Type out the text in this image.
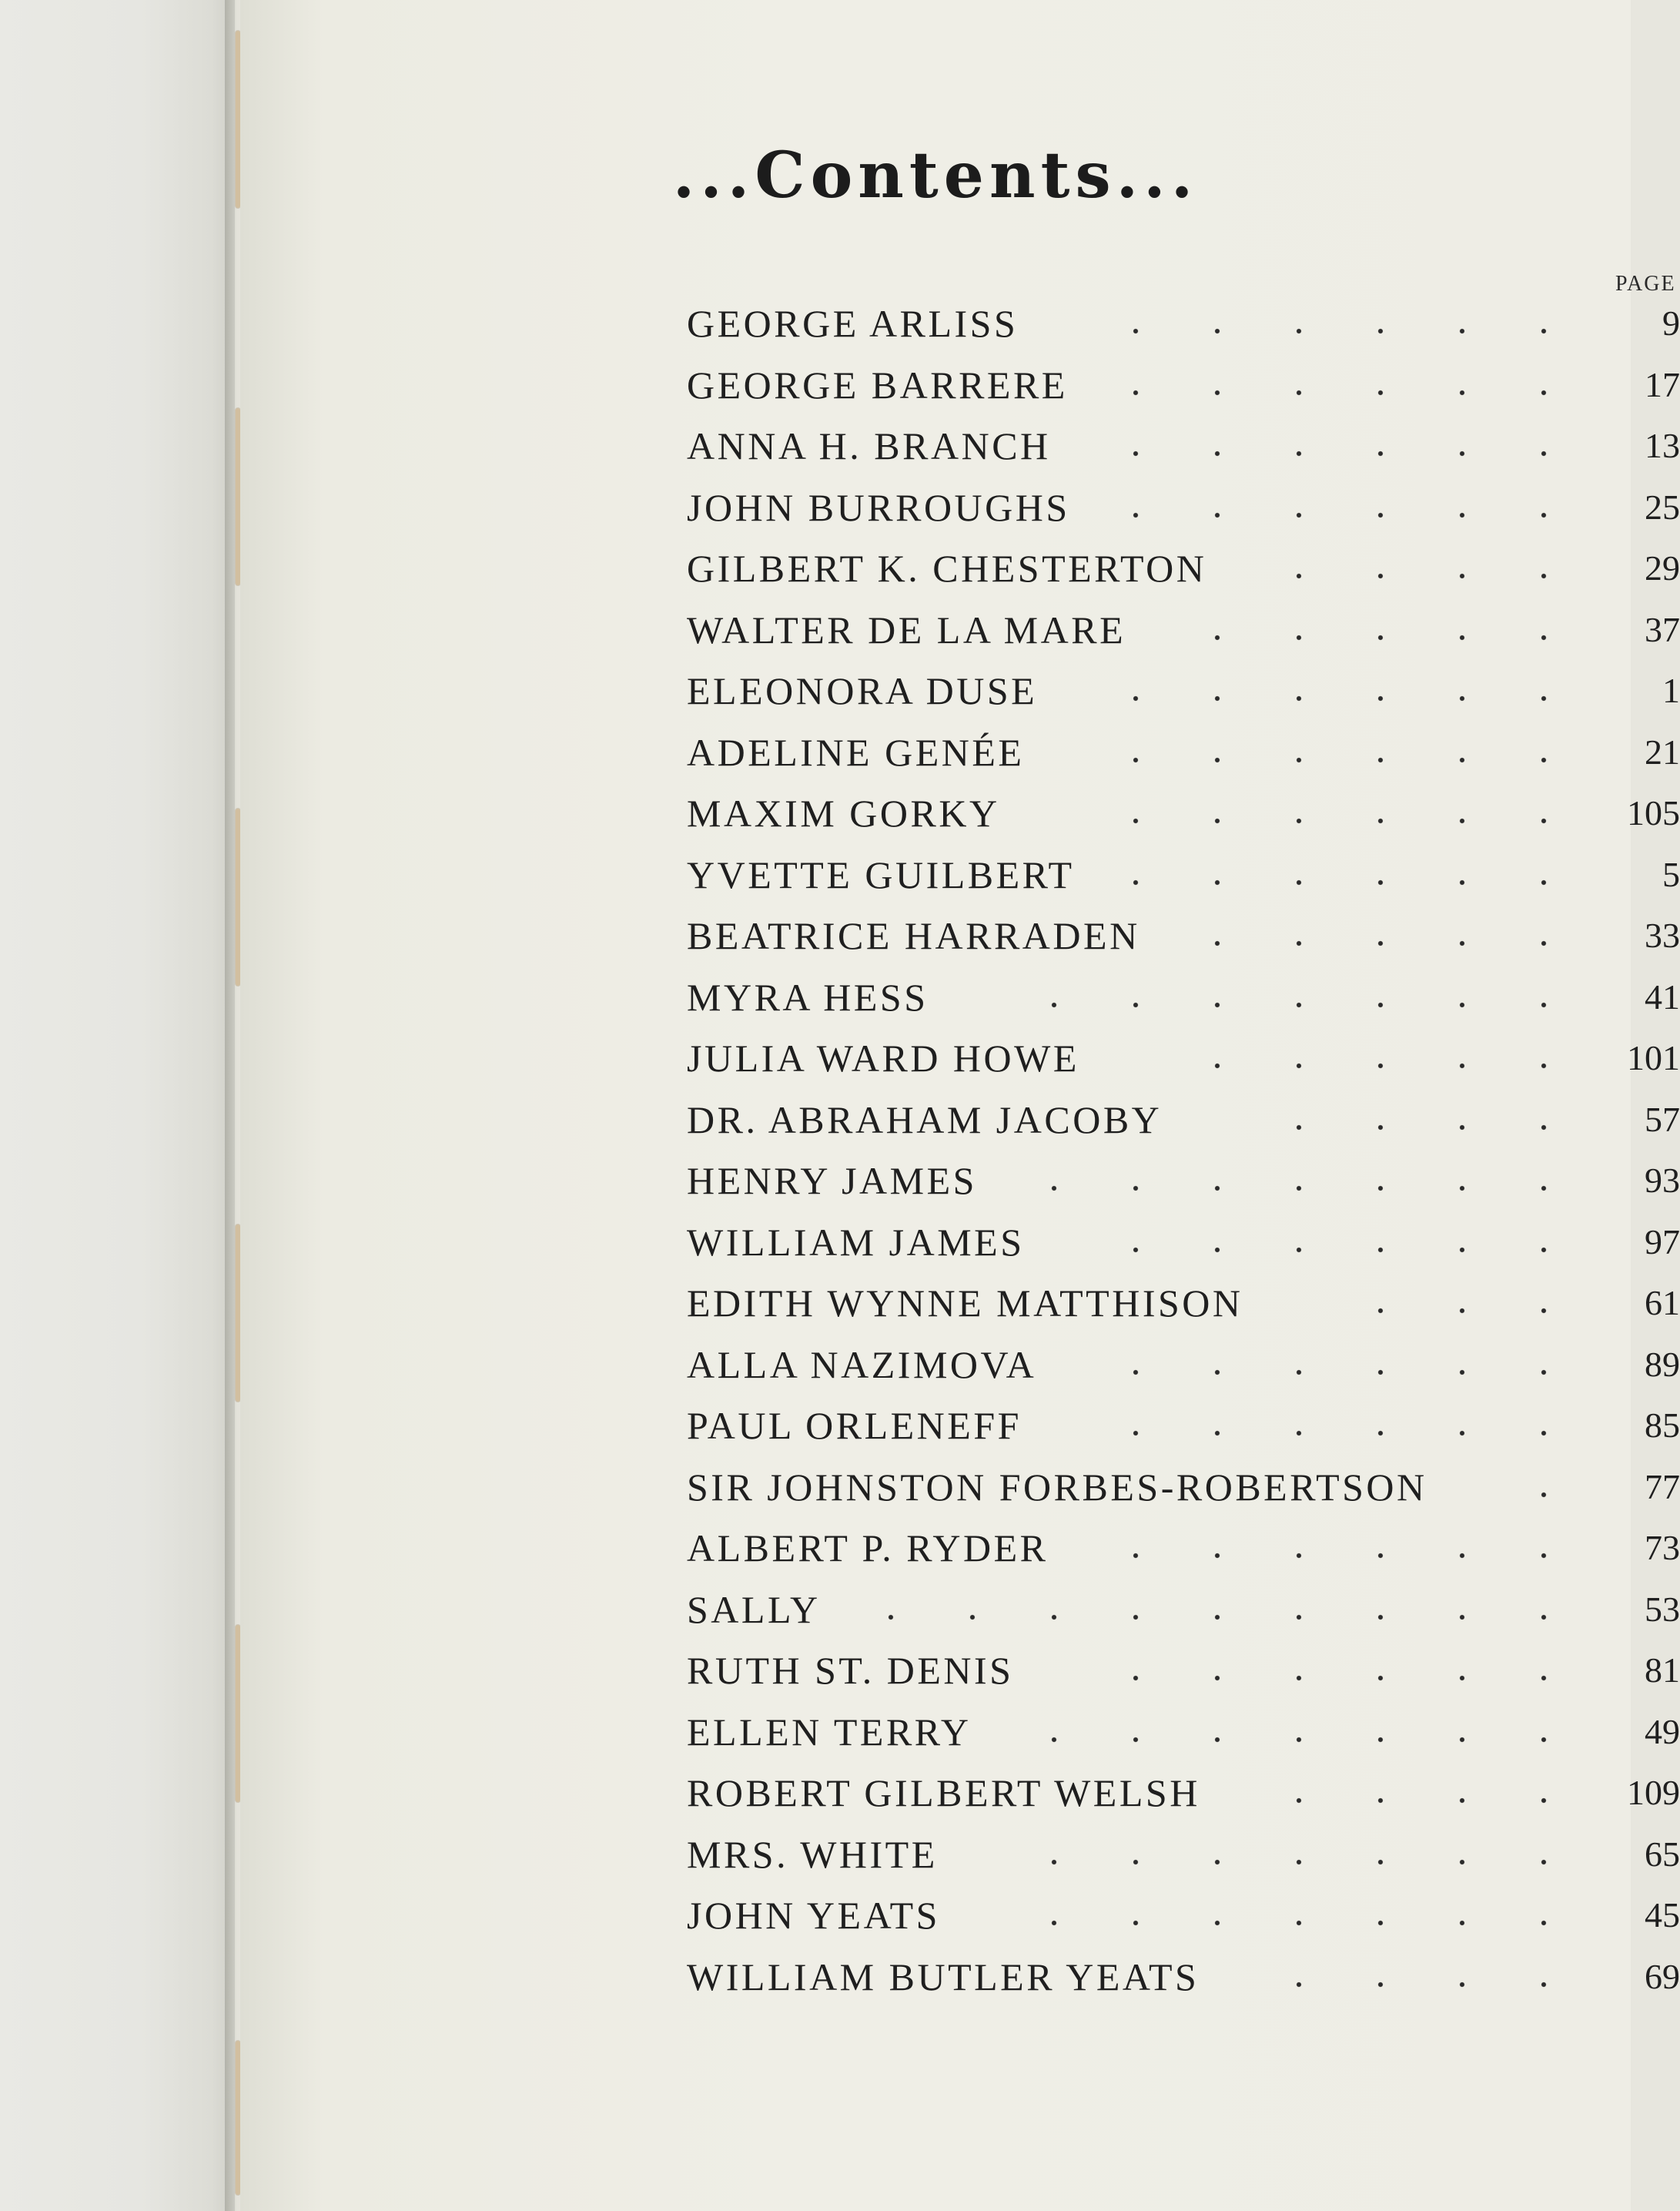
...Contents...
PAGE
GEORGE ARLISS	9
GEORGE BARRERE	17
ANNA H. BRANCH	13
JOHN BURROUGHS	25
GILBERT K. CHESTERTON	29
WALTER DE LA MARE	37
ELEONORA DUSE	1
ADELINE GENÉE	21
MAXIM GORKY	105
YVETTE GUILBERT	5
BEATRICE HARRADEN	33
MYRA HESS	41
JULIA WARD HOWE	101
DR. ABRAHAM JACOBY	57
HENRY JAMES	93
WILLIAM JAMES	97
EDITH WYNNE MATTHISON	61
ALLA NAZIMOVA	89
PAUL ORLENEFF	85
SIR JOHNSTON FORBES-ROBERTSON	77
ALBERT P. RYDER	73
SALLY	53
RUTH ST. DENIS	81
ELLEN TERRY	49
ROBERT GILBERT WELSH	109
MRS. WHITE	65
JOHN YEATS	45
WILLIAM BUTLER YEATS	69
